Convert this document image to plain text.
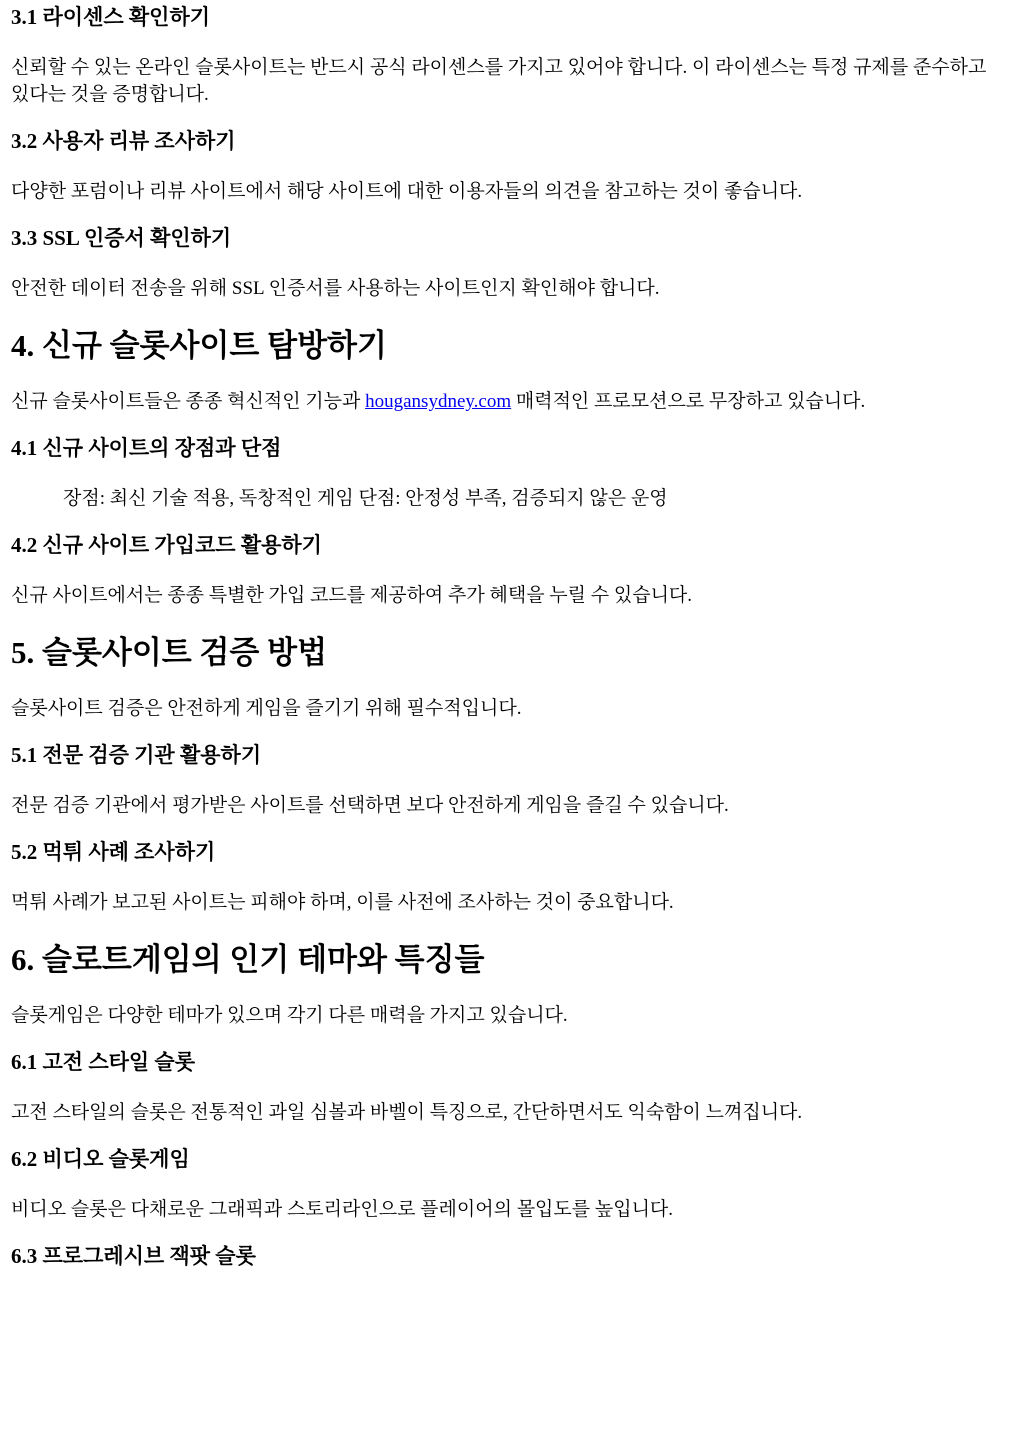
3.1 라이센스 확인하기

신뢰할 수 있는 온라인 슬롯사이트는 반드시 공식 라이센스를 가지고 있어야 합니다. 이 라이센스는 특정 규제를 준수하고 있다는 것을 증명합니다.

3.2 사용자 리뷰 조사하기

다양한 포럼이나 리뷰 사이트에서 해당 사이트에 대한 이용자들의 의견을 참고하는 것이 좋습니다.

3.3 SSL 인증서 확인하기

안전한 데이터 전송을 위해 SSL 인증서를 사용하는 사이트인지 확인해야 합니다.

4. 신규 슬롯사이트 탐방하기

신규 슬롯사이트들은 종종 혁신적인 기능과 hougansydney.com 매력적인 프로모션으로 무장하고 있습니다.

4.1 신규 사이트의 장점과 단점

장점: 최신 기술 적용, 독창적인 게임 단점: 안정성 부족, 검증되지 않은 운영

4.2 신규 사이트 가입코드 활용하기

신규 사이트에서는 종종 특별한 가입 코드를 제공하여 추가 혜택을 누릴 수 있습니다.

5. 슬롯사이트 검증 방법

슬롯사이트 검증은 안전하게 게임을 즐기기 위해 필수적입니다.

5.1 전문 검증 기관 활용하기

전문 검증 기관에서 평가받은 사이트를 선택하면 보다 안전하게 게임을 즐길 수 있습니다.

5.2 먹튀 사례 조사하기

먹튀 사례가 보고된 사이트는 피해야 하며, 이를 사전에 조사하는 것이 중요합니다.

6. 슬로트게임의 인기 테마와 특징들

슬롯게임은 다양한 테마가 있으며 각기 다른 매력을 가지고 있습니다.

6.1 고전 스타일 슬롯

고전 스타일의 슬롯은 전통적인 과일 심볼과 바벨이 특징으로, 간단하면서도 익숙함이 느껴집니다.

6.2 비디오 슬롯게임

비디오 슬롯은 다채로운 그래픽과 스토리라인으로 플레이어의 몰입도를 높입니다.

6.3 프로그레시브 잭팟 슬롯
